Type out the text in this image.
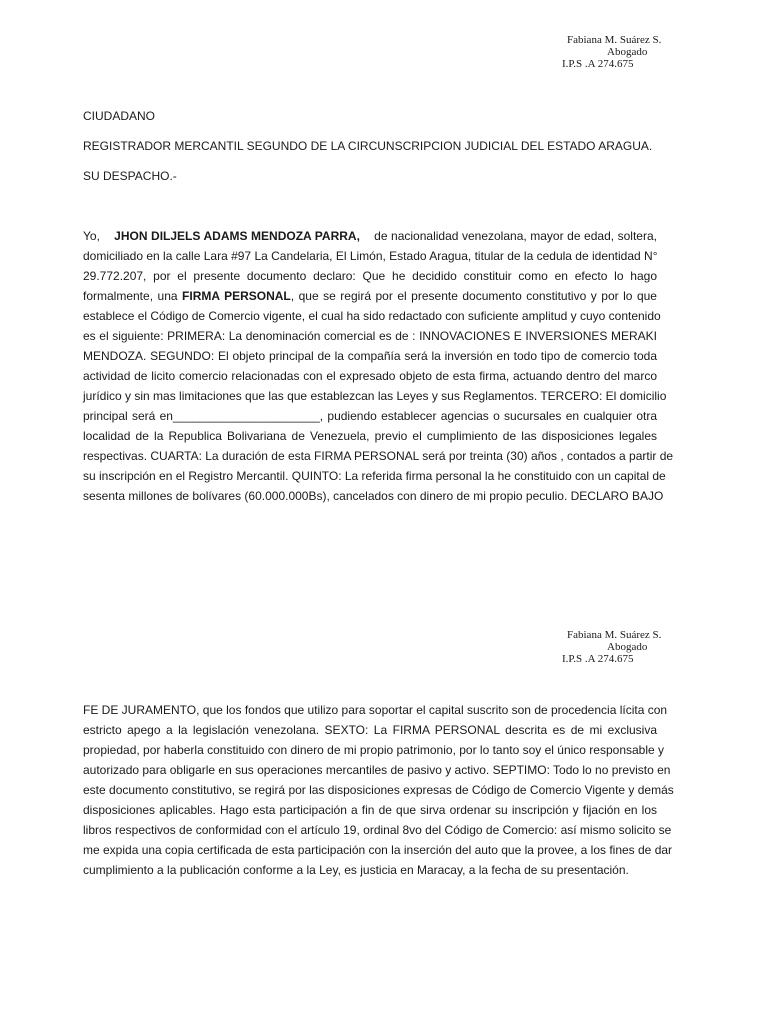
Fabiana M. Suárez S.
Abogado
I.P.S .A 274.675
CIUDADANO
REGISTRADOR MERCANTIL SEGUNDO DE LA CIRCUNSCRIPCION JUDICIAL DEL ESTADO ARAGUA.
SU DESPACHO.-
Yo, JHON DILJELS ADAMS MENDOZA PARRA, de nacionalidad venezolana, mayor de edad, soltera,
domiciliado en la calle Lara #97 La Candelaria, El Limón, Estado Aragua, titular de la cedula de identidad N°
29.772.207, por el presente documento declaro: Que he decidido constituir como en efecto lo hago
formalmente, una FIRMA PERSONAL, que se regirá por el presente documento constitutivo y por lo que
establece el Código de Comercio vigente, el cual ha sido redactado con suficiente amplitud y cuyo contenido
es el siguiente: PRIMERA: La denominación comercial es de : INNOVACIONES E INVERSIONES MERAKI
MENDOZA. SEGUNDO: El objeto principal de la compañía será la inversión en todo tipo de comercio toda
actividad de licito comercio relacionadas con el expresado objeto de esta firma, actuando dentro del marco
jurídico y sin mas limitaciones que las que establezcan las Leyes y sus Reglamentos. TERCERO: El domicilio
principal será en______________________, pudiendo establecer agencias o sucursales en cualquier otra
localidad de la Republica Bolivariana de Venezuela, previo el cumplimiento de las disposiciones legales
respectivas. CUARTA: La duración de esta FIRMA PERSONAL será por treinta (30) años , contados a partir de
su inscripción en el Registro Mercantil. QUINTO: La referida firma personal la he constituido con un capital de
sesenta millones de bolívares (60.000.000Bs), cancelados con dinero de mi propio peculio. DECLARO BAJO
Fabiana M. Suárez S.
Abogado
I.P.S .A 274.675
FE DE JURAMENTO, que los fondos que utilizo para soportar el capital suscrito son de procedencia lícita con
estricto apego a la legislación venezolana. SEXTO: La FIRMA PERSONAL descrita es de mi exclusiva
propiedad, por haberla constituido con dinero de mi propio patrimonio, por lo tanto soy el único responsable y
autorizado para obligarle en sus operaciones mercantiles de pasivo y activo. SEPTIMO: Todo lo no previsto en
este documento constitutivo, se regirá por las disposiciones expresas de Código de Comercio Vigente y demás
disposiciones aplicables. Hago esta participación a fin de que sirva ordenar su inscripción y fijación en los
libros respectivos de conformidad con el artículo 19, ordinal 8vo del Código de Comercio: así mismo solicito se
me expida una copia certificada de esta participación con la inserción del auto que la provee, a los fines de dar
cumplimiento a la publicación conforme a la Ley, es justicia en Maracay, a la fecha de su presentación.
